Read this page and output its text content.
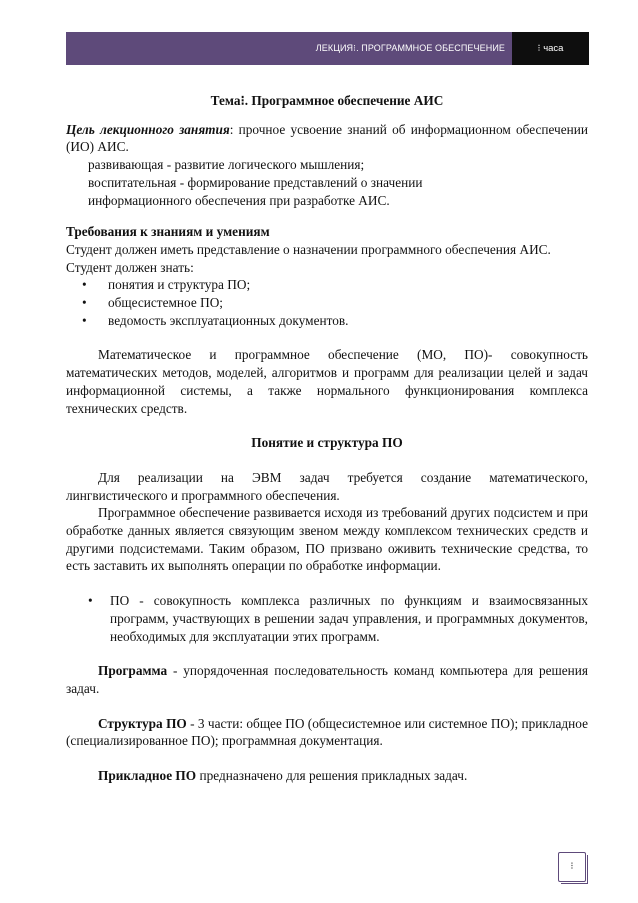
ЛЕКЦИЯ⁝. ПРОГРАММНОЕ ОБЕСПЕЧЕНИЕ	⁝ часа

Тема⁝. Программное обеспечение АИС

Цель лекционного занятия: прочное усвоение знаний об информационном обеспечении (ИО) АИС.

развивающая - развитие логического мышления;

воспитательная - формирование представлений о значении

информационного обеспечения при разработке АИС.

Требования к знаниям и умениям

Студент должен иметь представление о назначении программного обеспечения АИС.

Студент должен знать:

• понятия и структура ПО;
• общесистемное ПО;
• ведомость эксплуатационных документов.

Математическое и программное обеспечение (МО, ПО)- совокупность математических методов, моделей, алгоритмов и программ для реализации целей и задач информационной системы, а также нормального функционирования комплекса технических средств.

Понятие и структура ПО

Для реализации на ЭВМ задач требуется создание математического, лингвистического и программного обеспечения.

Программное обеспечение развивается исходя из требований других подсистем и при обработке данных является связующим звеном между комплексом технических средств и другими подсистемами. Таким образом, ПО призвано оживить технические средства, то есть заставить их выполнять операции по обработке информации.

• ПО - совокупность комплекса различных по функциям и взаимосвязанных программ, участвующих в решении задач управления, и программных документов, необходимых для эксплуатации этих программ.

Программа - упорядоченная последовательность команд компьютера для решения задач.

Структура ПО - 3 части: общее ПО (общесистемное или системное ПО); прикладное (специализированное ПО); программная документация.

Прикладное ПО предназначено для решения прикладных задач.

⁝
